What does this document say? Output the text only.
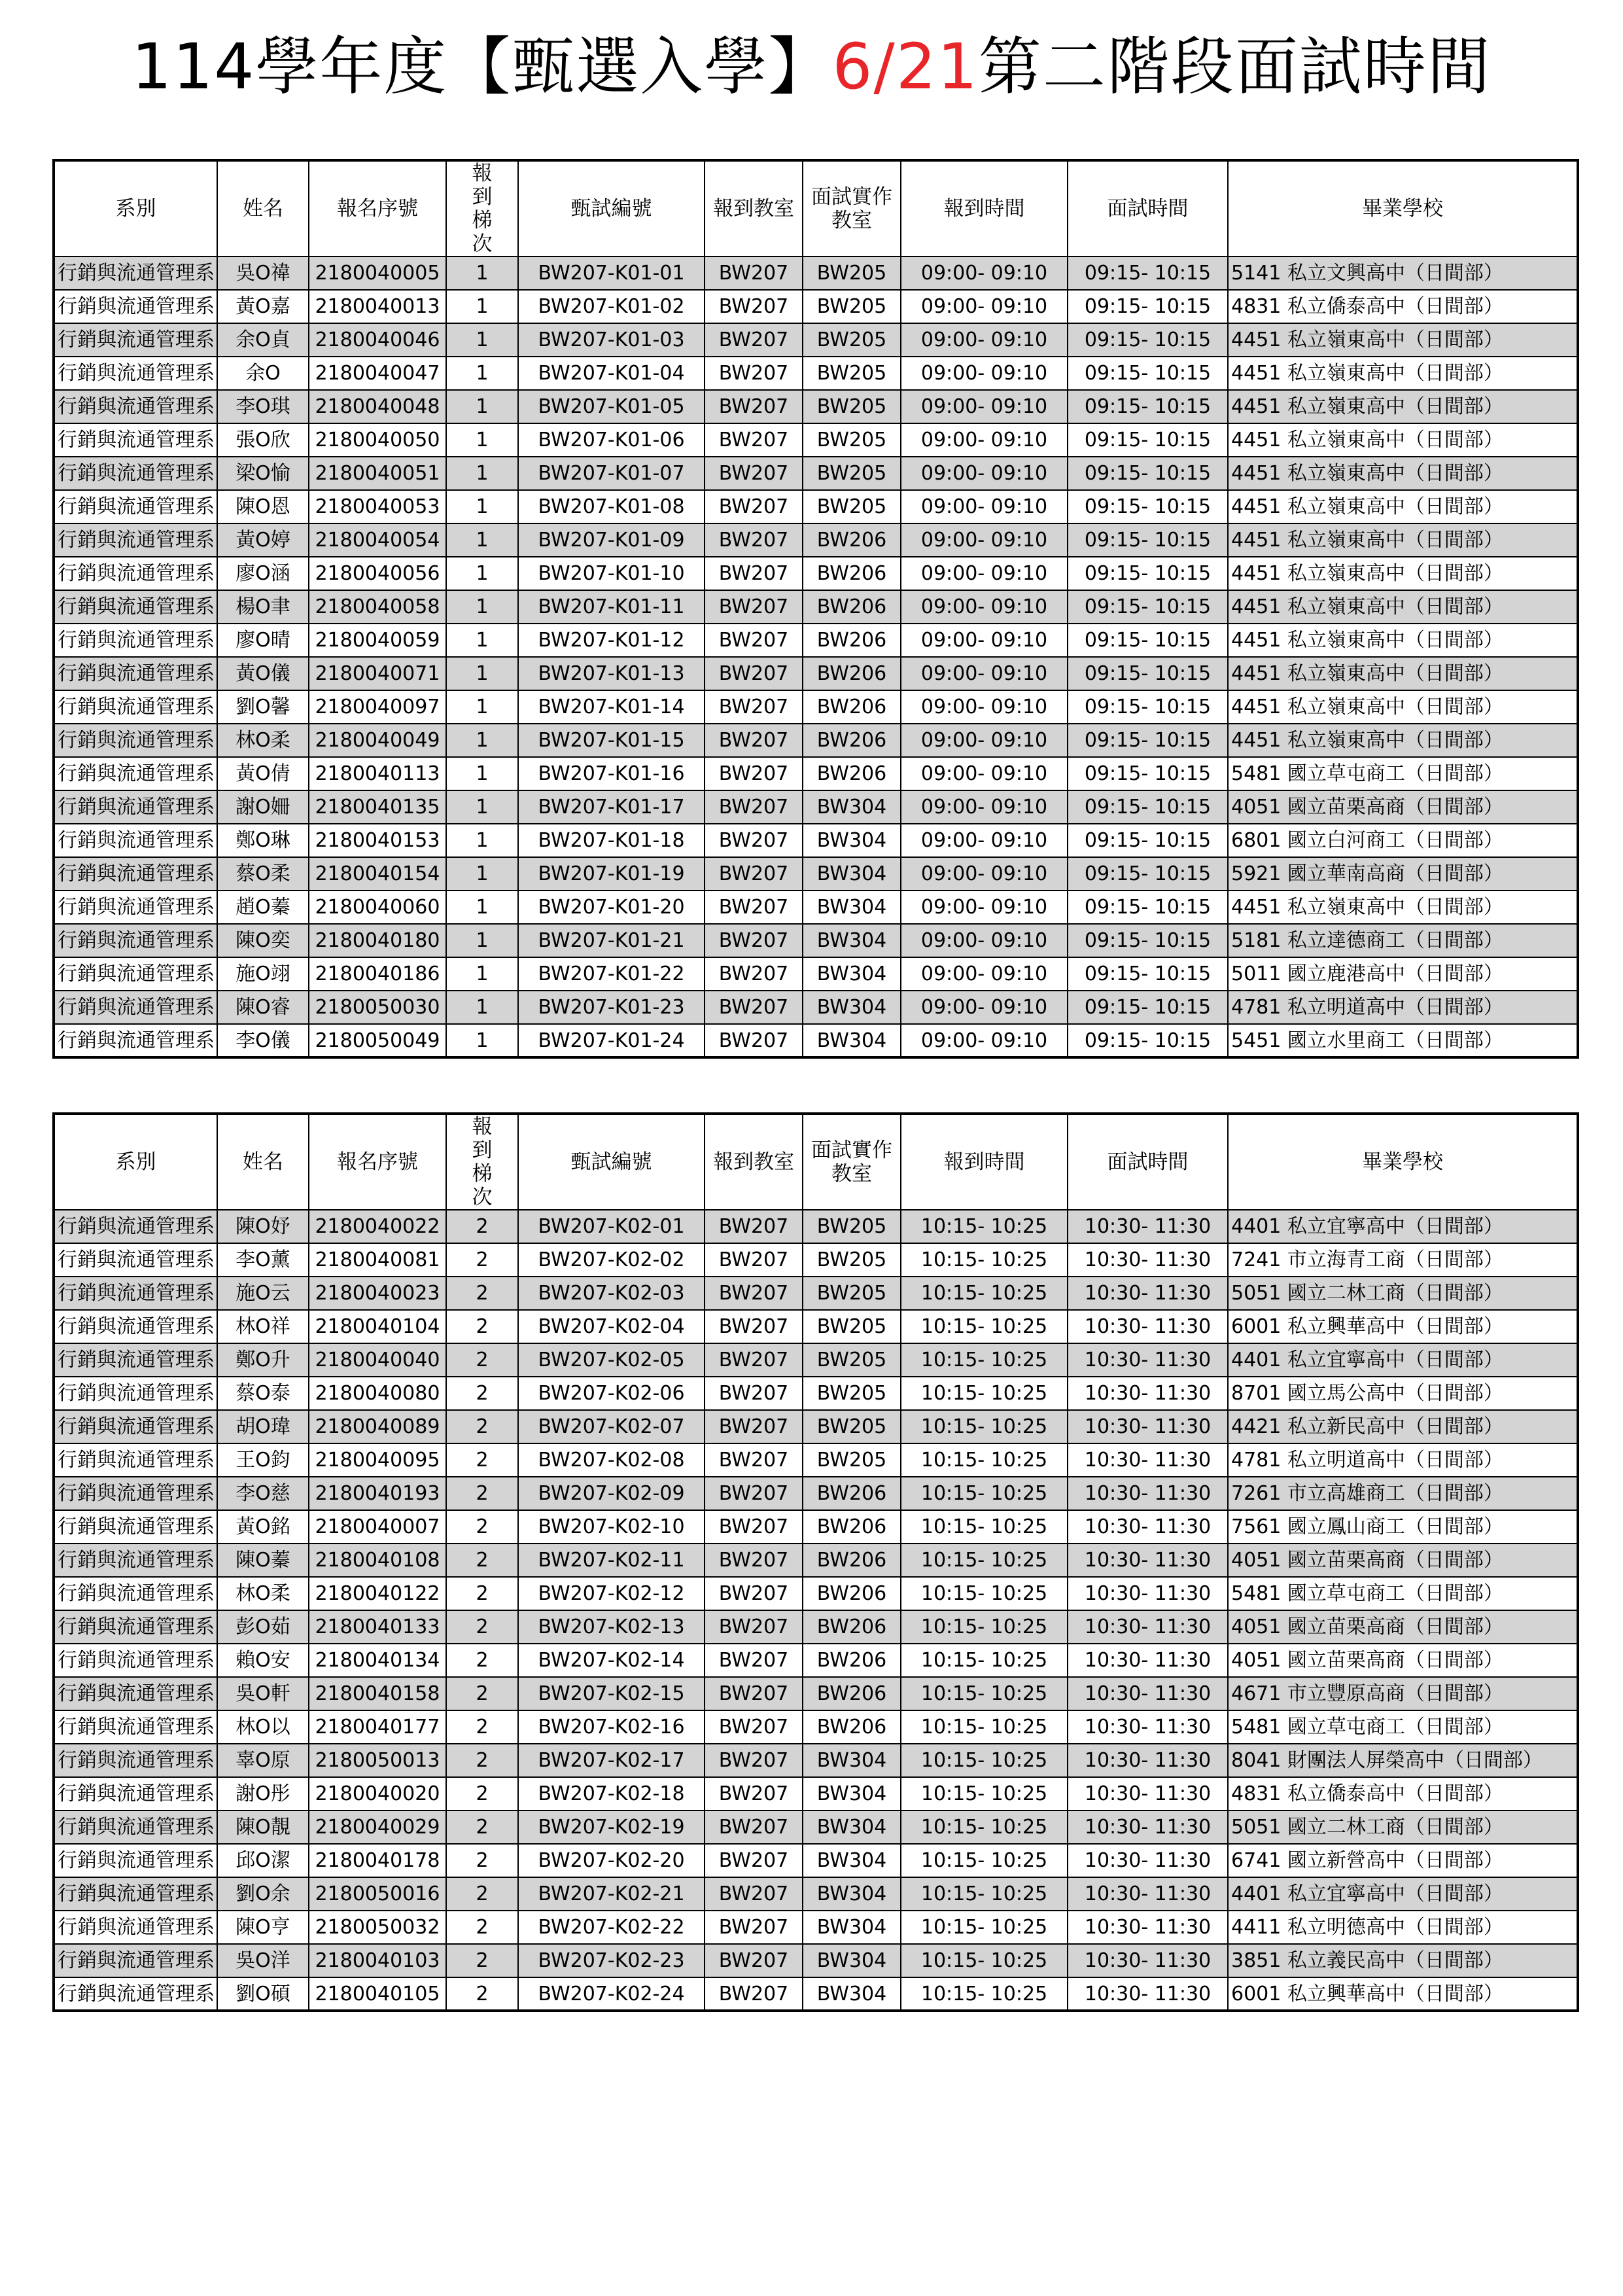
114學年度【甄選入學】6/21第二階段面試時間
系別	姓名	報名序號	報到梯次	甄試編號	報到教室	面試實作教室	報到時間	面試時間	畢業學校
行銷與流通管理系	吳O禕	2180040005	1	BW207-K01-01	BW207	BW205	09:00- 09:10	09:15- 10:15	5141 私立文興高中（日間部）
行銷與流通管理系	黃O嘉	2180040013	1	BW207-K01-02	BW207	BW205	09:00- 09:10	09:15- 10:15	4831 私立僑泰高中（日間部）
行銷與流通管理系	余O貞	2180040046	1	BW207-K01-03	BW207	BW205	09:00- 09:10	09:15- 10:15	4451 私立嶺東高中（日間部）
行銷與流通管理系	余O	2180040047	1	BW207-K01-04	BW207	BW205	09:00- 09:10	09:15- 10:15	4451 私立嶺東高中（日間部）
行銷與流通管理系	李O琪	2180040048	1	BW207-K01-05	BW207	BW205	09:00- 09:10	09:15- 10:15	4451 私立嶺東高中（日間部）
行銷與流通管理系	張O欣	2180040050	1	BW207-K01-06	BW207	BW205	09:00- 09:10	09:15- 10:15	4451 私立嶺東高中（日間部）
行銷與流通管理系	梁O愉	2180040051	1	BW207-K01-07	BW207	BW205	09:00- 09:10	09:15- 10:15	4451 私立嶺東高中（日間部）
行銷與流通管理系	陳O恩	2180040053	1	BW207-K01-08	BW207	BW205	09:00- 09:10	09:15- 10:15	4451 私立嶺東高中（日間部）
行銷與流通管理系	黃O婷	2180040054	1	BW207-K01-09	BW207	BW206	09:00- 09:10	09:15- 10:15	4451 私立嶺東高中（日間部）
行銷與流通管理系	廖O涵	2180040056	1	BW207-K01-10	BW207	BW206	09:00- 09:10	09:15- 10:15	4451 私立嶺東高中（日間部）
行銷與流通管理系	楊O聿	2180040058	1	BW207-K01-11	BW207	BW206	09:00- 09:10	09:15- 10:15	4451 私立嶺東高中（日間部）
行銷與流通管理系	廖O晴	2180040059	1	BW207-K01-12	BW207	BW206	09:00- 09:10	09:15- 10:15	4451 私立嶺東高中（日間部）
行銷與流通管理系	黃O儀	2180040071	1	BW207-K01-13	BW207	BW206	09:00- 09:10	09:15- 10:15	4451 私立嶺東高中（日間部）
行銷與流通管理系	劉O馨	2180040097	1	BW207-K01-14	BW207	BW206	09:00- 09:10	09:15- 10:15	4451 私立嶺東高中（日間部）
行銷與流通管理系	林O柔	2180040049	1	BW207-K01-15	BW207	BW206	09:00- 09:10	09:15- 10:15	4451 私立嶺東高中（日間部）
行銷與流通管理系	黃O倩	2180040113	1	BW207-K01-16	BW207	BW206	09:00- 09:10	09:15- 10:15	5481 國立草屯商工（日間部）
行銷與流通管理系	謝O姍	2180040135	1	BW207-K01-17	BW207	BW304	09:00- 09:10	09:15- 10:15	4051 國立苗栗高商（日間部）
行銷與流通管理系	鄭O琳	2180040153	1	BW207-K01-18	BW207	BW304	09:00- 09:10	09:15- 10:15	6801 國立白河商工（日間部）
行銷與流通管理系	蔡O柔	2180040154	1	BW207-K01-19	BW207	BW304	09:00- 09:10	09:15- 10:15	5921 國立華南高商（日間部）
行銷與流通管理系	趙O蓁	2180040060	1	BW207-K01-20	BW207	BW304	09:00- 09:10	09:15- 10:15	4451 私立嶺東高中（日間部）
行銷與流通管理系	陳O奕	2180040180	1	BW207-K01-21	BW207	BW304	09:00- 09:10	09:15- 10:15	5181 私立達德商工（日間部）
行銷與流通管理系	施O翊	2180040186	1	BW207-K01-22	BW207	BW304	09:00- 09:10	09:15- 10:15	5011 國立鹿港高中（日間部）
行銷與流通管理系	陳O睿	2180050030	1	BW207-K01-23	BW207	BW304	09:00- 09:10	09:15- 10:15	4781 私立明道高中（日間部）
行銷與流通管理系	李O儀	2180050049	1	BW207-K01-24	BW207	BW304	09:00- 09:10	09:15- 10:15	5451 國立水里商工（日間部）
系別	姓名	報名序號	報到梯次	甄試編號	報到教室	面試實作教室	報到時間	面試時間	畢業學校
行銷與流通管理系	陳O妤	2180040022	2	BW207-K02-01	BW207	BW205	10:15- 10:25	10:30- 11:30	4401 私立宜寧高中（日間部）
行銷與流通管理系	李O薰	2180040081	2	BW207-K02-02	BW207	BW205	10:15- 10:25	10:30- 11:30	7241 市立海青工商（日間部）
行銷與流通管理系	施O云	2180040023	2	BW207-K02-03	BW207	BW205	10:15- 10:25	10:30- 11:30	5051 國立二林工商（日間部）
行銷與流通管理系	林O祥	2180040104	2	BW207-K02-04	BW207	BW205	10:15- 10:25	10:30- 11:30	6001 私立興華高中（日間部）
行銷與流通管理系	鄭O升	2180040040	2	BW207-K02-05	BW207	BW205	10:15- 10:25	10:30- 11:30	4401 私立宜寧高中（日間部）
行銷與流通管理系	蔡O泰	2180040080	2	BW207-K02-06	BW207	BW205	10:15- 10:25	10:30- 11:30	8701 國立馬公高中（日間部）
行銷與流通管理系	胡O瑋	2180040089	2	BW207-K02-07	BW207	BW205	10:15- 10:25	10:30- 11:30	4421 私立新民高中（日間部）
行銷與流通管理系	王O鈞	2180040095	2	BW207-K02-08	BW207	BW205	10:15- 10:25	10:30- 11:30	4781 私立明道高中（日間部）
行銷與流通管理系	李O慈	2180040193	2	BW207-K02-09	BW207	BW206	10:15- 10:25	10:30- 11:30	7261 市立高雄商工（日間部）
行銷與流通管理系	黃O銘	2180040007	2	BW207-K02-10	BW207	BW206	10:15- 10:25	10:30- 11:30	7561 國立鳳山商工（日間部）
行銷與流通管理系	陳O蓁	2180040108	2	BW207-K02-11	BW207	BW206	10:15- 10:25	10:30- 11:30	4051 國立苗栗高商（日間部）
行銷與流通管理系	林O柔	2180040122	2	BW207-K02-12	BW207	BW206	10:15- 10:25	10:30- 11:30	5481 國立草屯商工（日間部）
行銷與流通管理系	彭O茹	2180040133	2	BW207-K02-13	BW207	BW206	10:15- 10:25	10:30- 11:30	4051 國立苗栗高商（日間部）
行銷與流通管理系	賴O安	2180040134	2	BW207-K02-14	BW207	BW206	10:15- 10:25	10:30- 11:30	4051 國立苗栗高商（日間部）
行銷與流通管理系	吳O軒	2180040158	2	BW207-K02-15	BW207	BW206	10:15- 10:25	10:30- 11:30	4671 市立豐原高商（日間部）
行銷與流通管理系	林O以	2180040177	2	BW207-K02-16	BW207	BW206	10:15- 10:25	10:30- 11:30	5481 國立草屯商工（日間部）
行銷與流通管理系	辜O原	2180050013	2	BW207-K02-17	BW207	BW304	10:15- 10:25	10:30- 11:30	8041 財團法人屏榮高中（日間部）
行銷與流通管理系	謝O彤	2180040020	2	BW207-K02-18	BW207	BW304	10:15- 10:25	10:30- 11:30	4831 私立僑泰高中（日間部）
行銷與流通管理系	陳O靚	2180040029	2	BW207-K02-19	BW207	BW304	10:15- 10:25	10:30- 11:30	5051 國立二林工商（日間部）
行銷與流通管理系	邱O潔	2180040178	2	BW207-K02-20	BW207	BW304	10:15- 10:25	10:30- 11:30	6741 國立新營高中（日間部）
行銷與流通管理系	劉O余	2180050016	2	BW207-K02-21	BW207	BW304	10:15- 10:25	10:30- 11:30	4401 私立宜寧高中（日間部）
行銷與流通管理系	陳O亨	2180050032	2	BW207-K02-22	BW207	BW304	10:15- 10:25	10:30- 11:30	4411 私立明德高中（日間部）
行銷與流通管理系	吳O洋	2180040103	2	BW207-K02-23	BW207	BW304	10:15- 10:25	10:30- 11:30	3851 私立義民高中（日間部）
行銷與流通管理系	劉O碩	2180040105	2	BW207-K02-24	BW207	BW304	10:15- 10:25	10:30- 11:30	6001 私立興華高中（日間部）
